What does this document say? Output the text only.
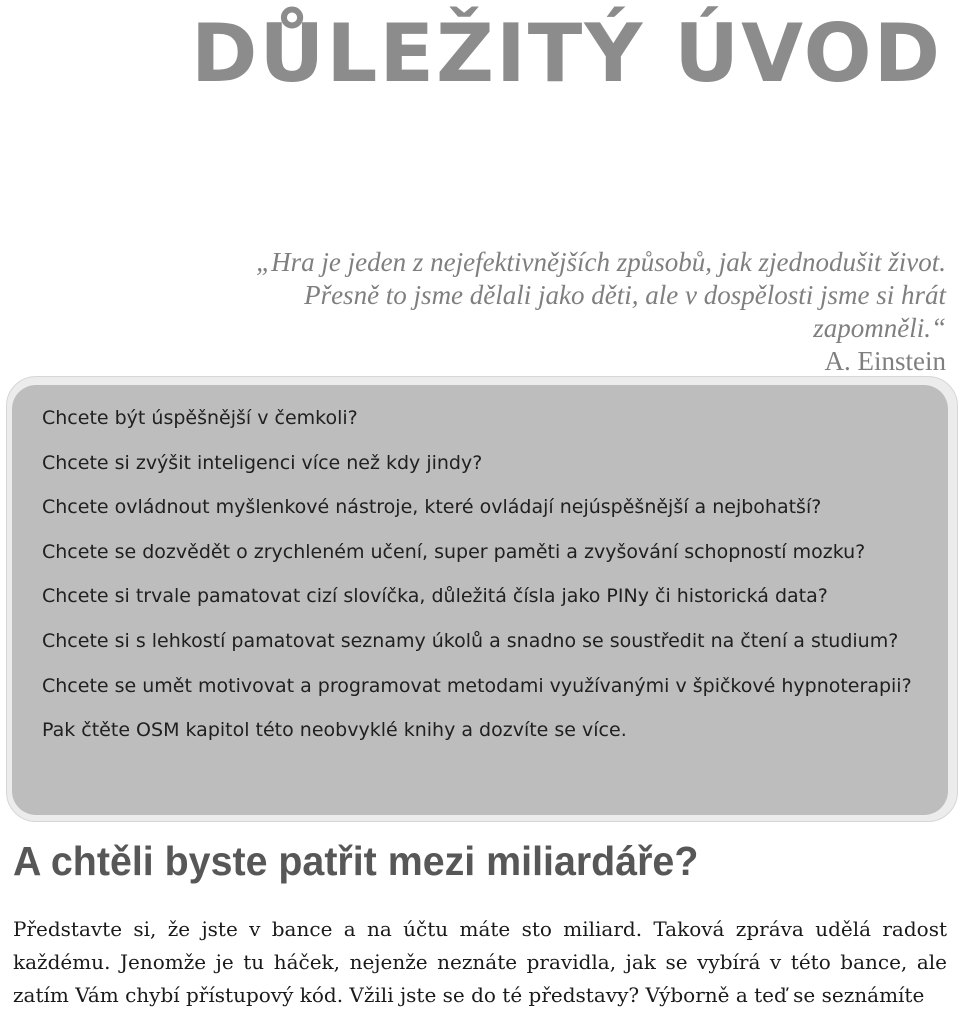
DŮLEŽITÝ ÚVOD
„Hra je jeden z nejefektivnějších způsobů, jak zjednodušit život.
Přesně to jsme dělali jako děti, ale v dospělosti jsme si hrát zapomněli.“
A. Einstein
Chcete být úspěšnější v čemkoli?
Chcete si zvýšit inteligenci více než kdy jindy?
Chcete ovládnout myšlenkové nástroje, které ovládají nejúspěšnější a nejbohatší?
Chcete se dozvědět o zrychleném učení, super paměti a zvyšování schopností mozku?
Chcete si trvale pamatovat cizí slovíčka, důležitá čísla jako PINy či historická data?
Chcete si s lehkostí pamatovat seznamy úkolů a snadno se soustředit na čtení a studium?
Chcete se umět motivovat a programovat metodami využívanými v špičkové hypnoterapii?
Pak čtěte OSM kapitol této neobvyklé knihy a dozvíte se více.
A chtěli byste patřit mezi miliardáře?

Představte si, že jste v bance a na účtu máte sto miliard. Taková zpráva udělá radost každému. Jenomže je tu háček, nejenže neznáte pravidla, jak se vybírá v této bance, ale zatím Vám chybí přístupový kód. Vžili jste se do té představy? Výborně a teď se seznámíte
